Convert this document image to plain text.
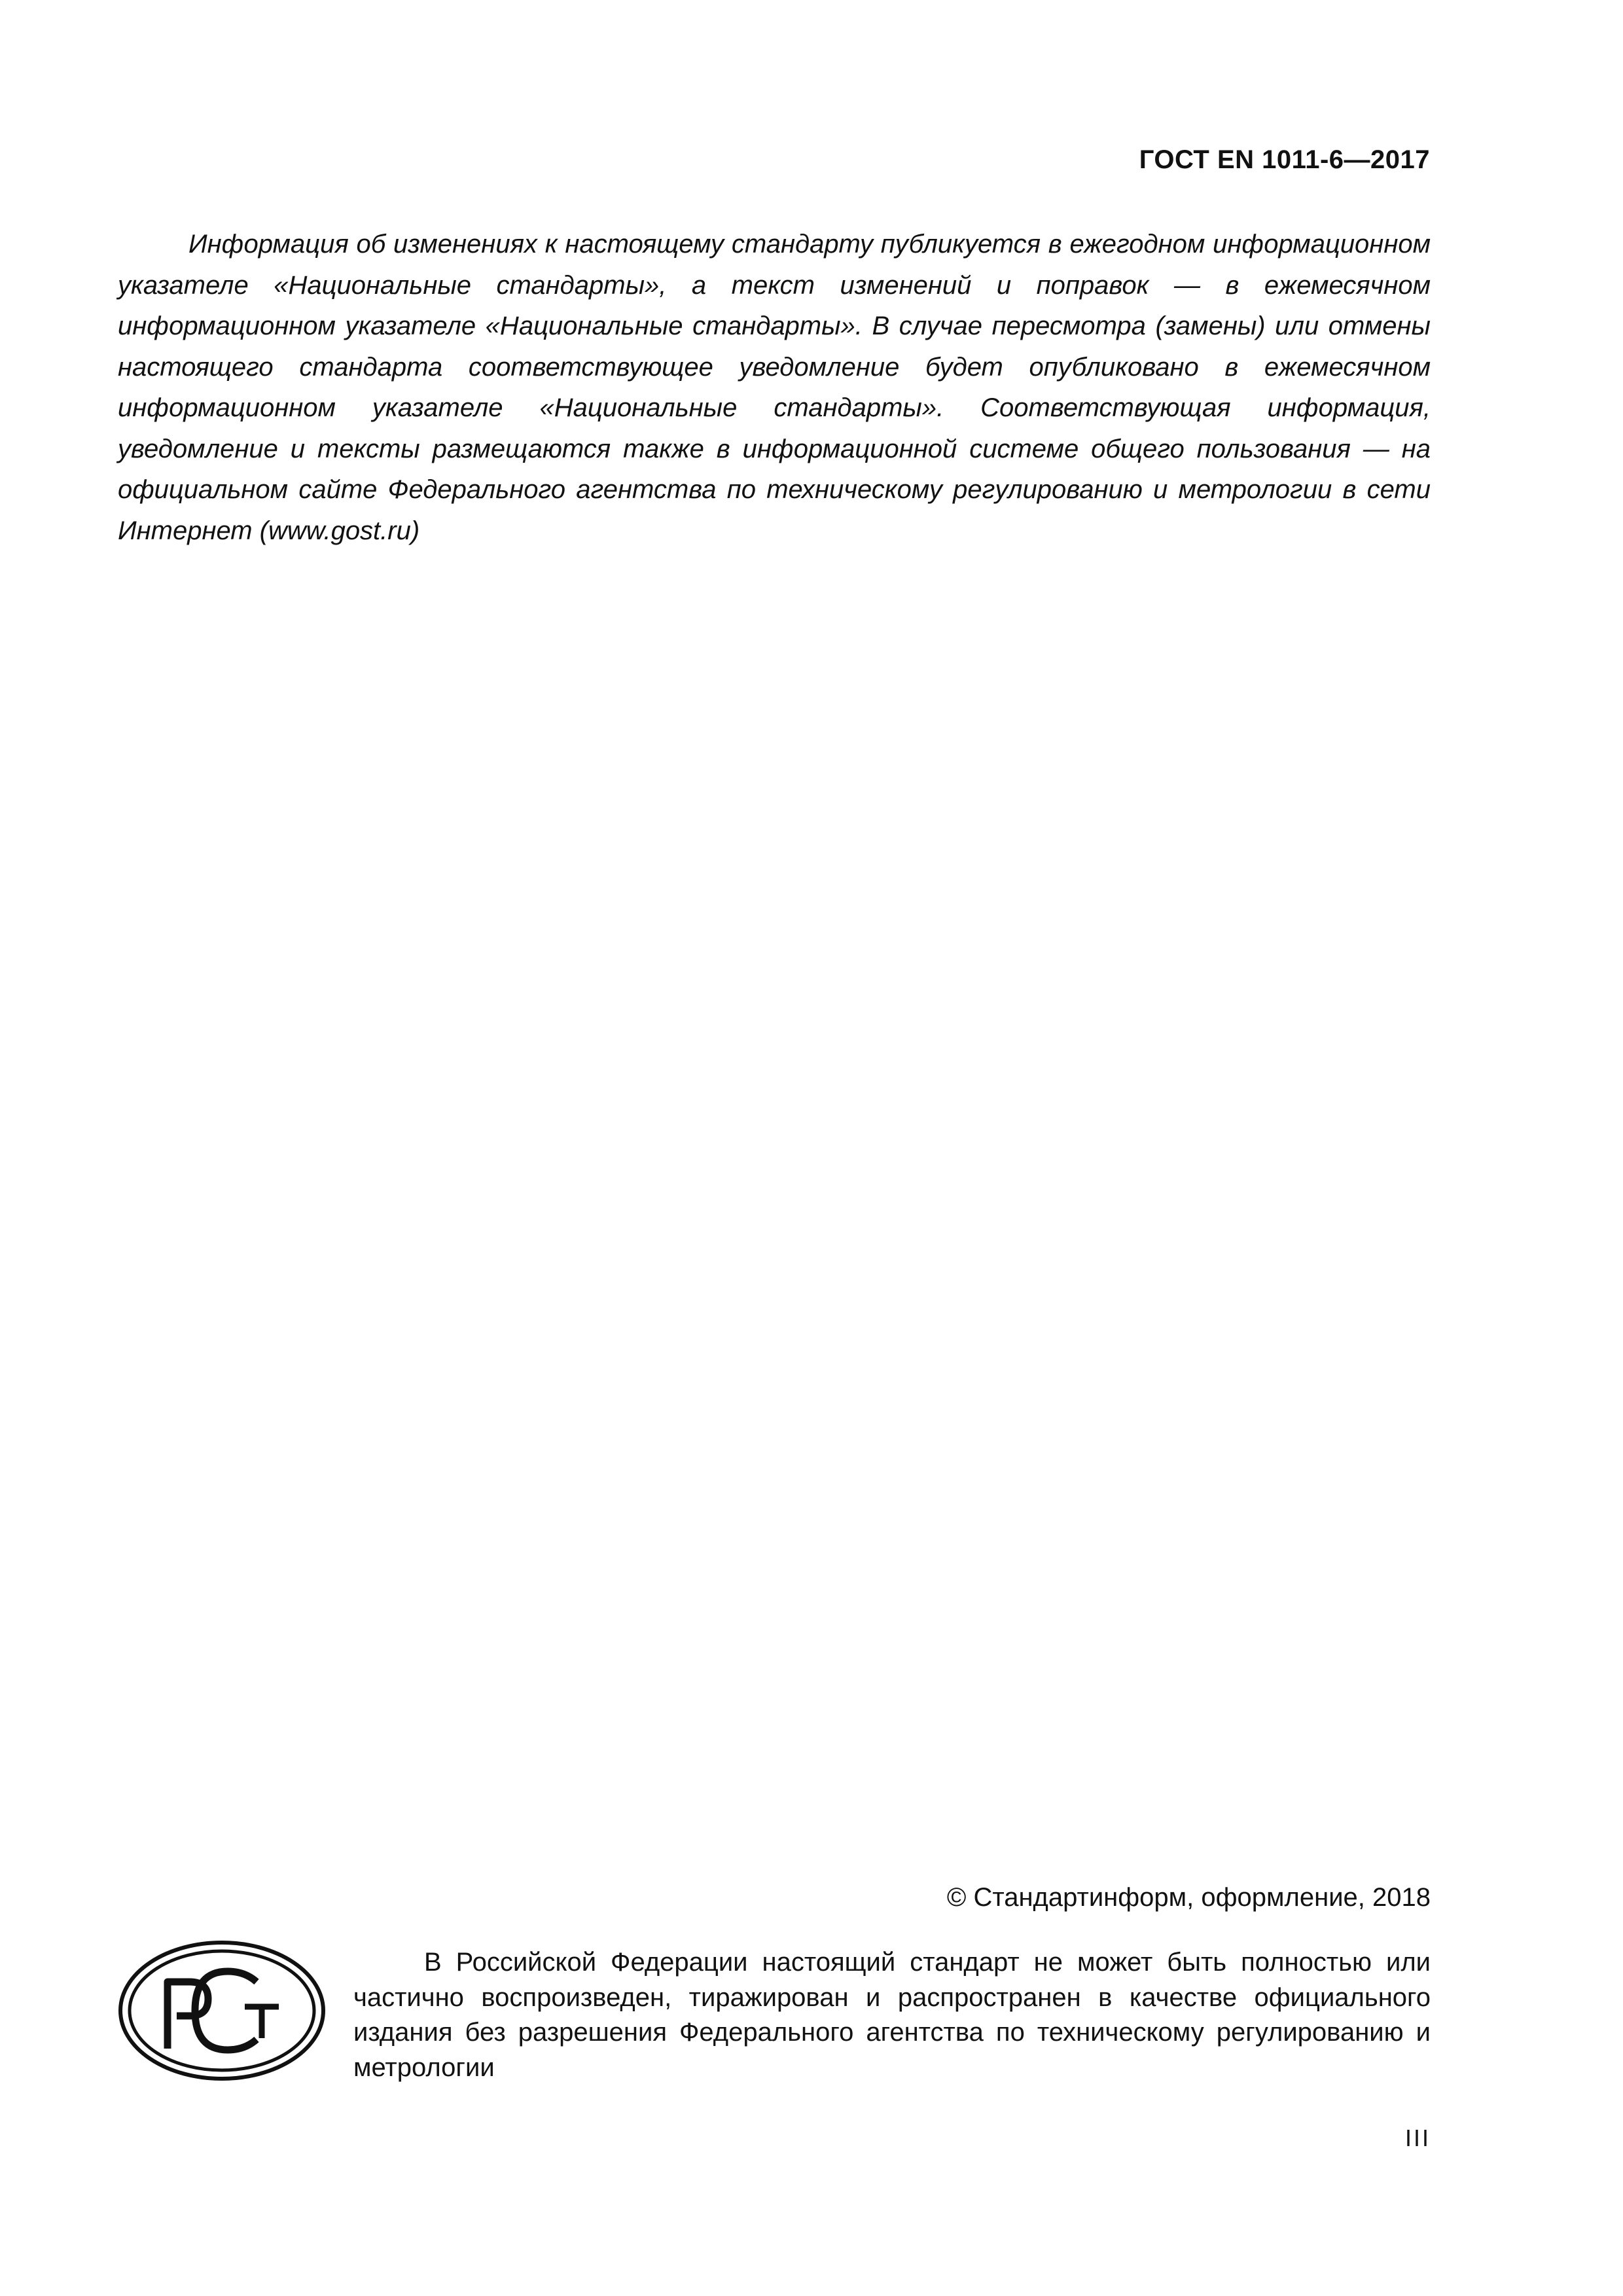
ГОСТ EN 1011-6—2017

Информация об изменениях к настоящему стандарту публикуется в ежегодном информационном указателе «Национальные стандарты», а текст изменений и поправок — в ежемесячном информационном указателе «Национальные стандарты». В случае пересмотра (замены) или отмены настоящего стандарта соответствующее уведомление будет опубликовано в ежемесячном информационном указателе «Национальные стандарты». Соответствующая информация, уведомление и тексты размещаются также в информационной системе общего пользования — на официальном сайте Федерального агентства по техническому регулированию и метрологии в сети Интернет (www.gost.ru)

© Стандартинформ, оформление, 2018

В Российской Федерации настоящий стандарт не может быть полностью или частично воспроизведен, тиражирован и распространен в качестве официального издания без разрешения Федерального агентства по техническому регулированию и метрологии

III
